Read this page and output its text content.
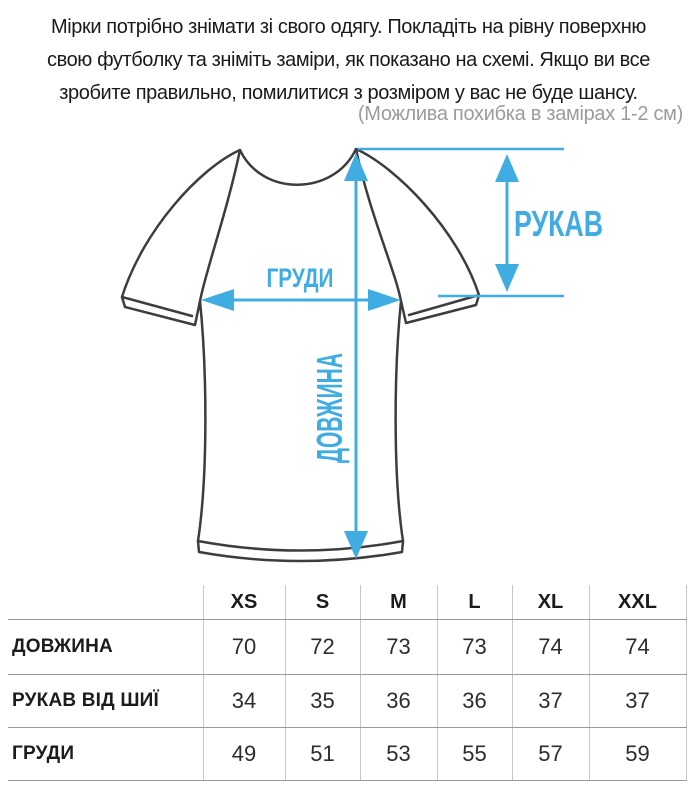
Мірки потрібно знімати зі свого одягу. Покладіть на рівну поверхню
свою футболку та зніміть заміри, як показано на схемі. Якщо ви все
зробите правильно, помилитися з розміром у вас не буде шансу.
(Можлива похибка в замірах 1-2 см)
ГРУДИ
ДОВЖИНА
РУКАВ
	XS	S	M	L	XL	XXL
ДОВЖИНА	70	72	73	73	74	74
РУКАВ ВІД ШИЇ	34	35	36	36	37	37
ГРУДИ	49	51	53	55	57	59
